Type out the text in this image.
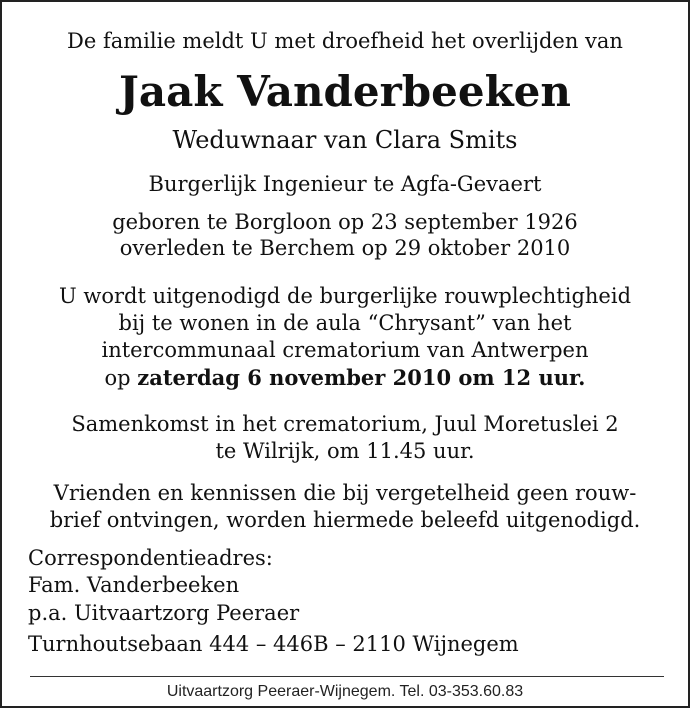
De familie meldt U met droefheid het overlijden van
Jaak Vanderbeeken
Weduwnaar van Clara Smits
Burgerlijk Ingenieur te Agfa-Gevaert
geboren te Borgloon op 23 september 1926
overleden te Berchem op 29 oktober 2010
U wordt uitgenodigd de burgerlijke rouwplechtigheid
bij te wonen in de aula “Chrysant” van het
intercommunaal crematorium van Antwerpen
op zaterdag 6 november 2010 om 12 uur.
Samenkomst in het crematorium, Juul Moretuslei 2
te Wilrijk, om 11.45 uur.
Vrienden en kennissen die bij vergetelheid geen rouw-
brief ontvingen, worden hiermede beleefd uitgenodigd.
Correspondentieadres:
Fam. Vanderbeeken
p.a. Uitvaartzorg Peeraer
Turnhoutsebaan 444 – 446B – 2110 Wijnegem
Uitvaartzorg Peeraer-Wijnegem. Tel. 03-353.60.83
